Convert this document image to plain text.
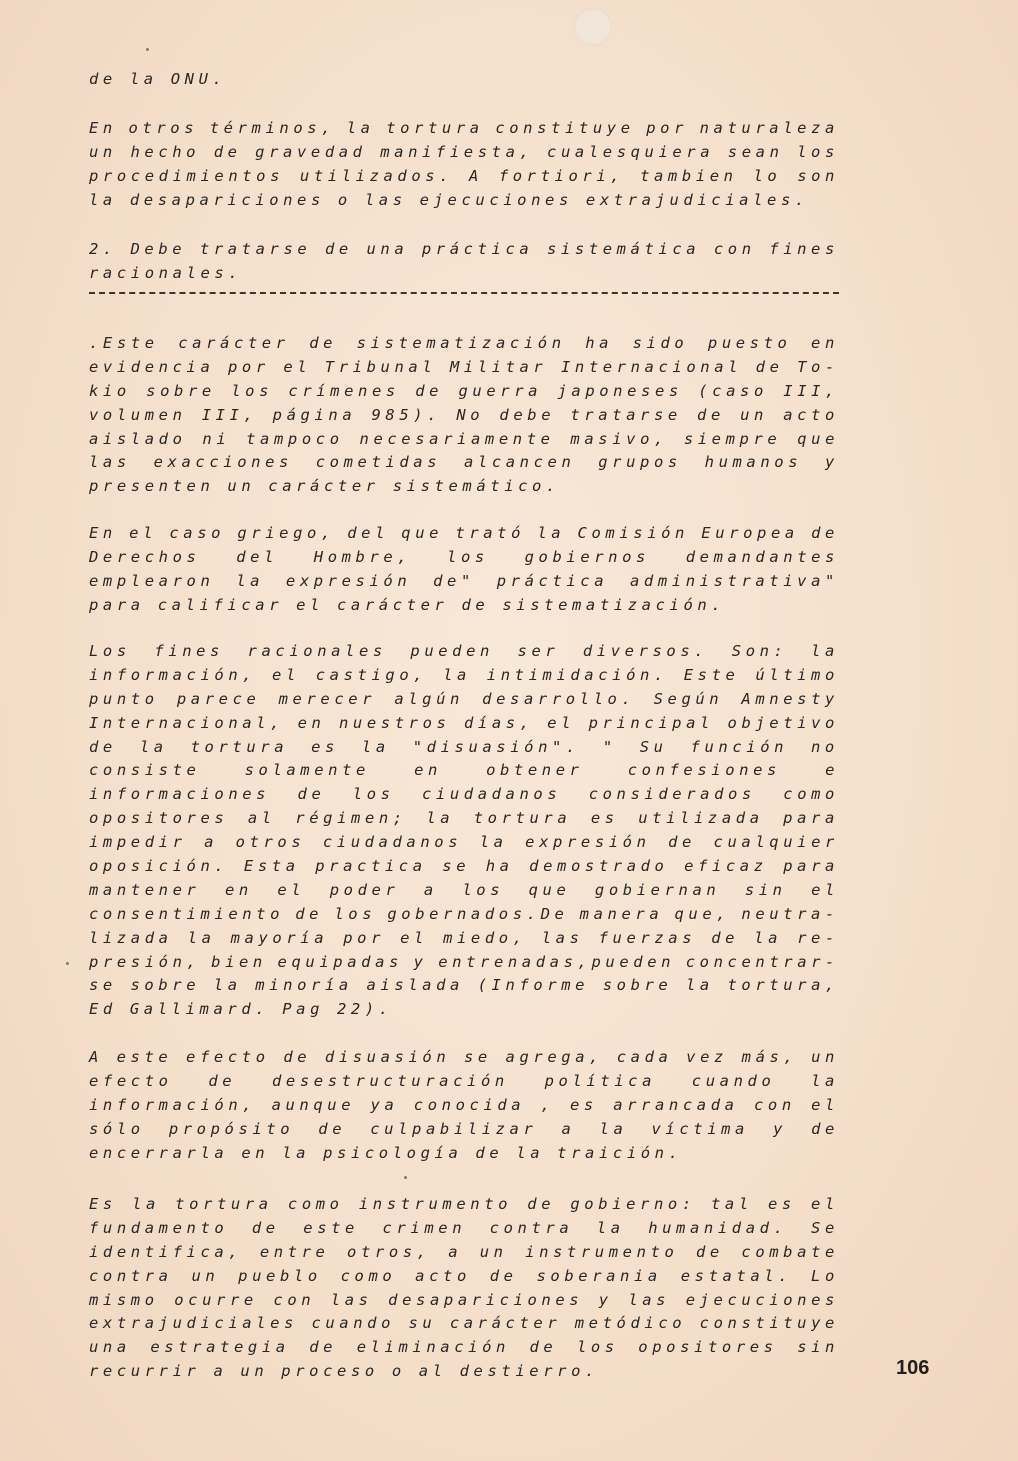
de la ONU.
En otros términos, la tortura constituye por naturaleza
un hecho de gravedad manifiesta, cualesquiera sean los
procedimientos utilizados. A fortiori, tambien lo son
la desapariciones o las ejecuciones extrajudiciales.
2. Debe tratarse de una práctica sistemática con fines
racionales.
.Este carácter de sistematización ha sido puesto en
evidencia por el Tribunal Militar Internacional de To-
kio sobre los crímenes de guerra japoneses (caso III,
volumen III, página 985). No debe tratarse de un acto
aislado ni tampoco necesariamente masivo, siempre que
las exacciones cometidas alcancen grupos humanos y
presenten un carácter sistemático.
En el caso griego, del que trató la Comisión Europea de
Derechos del Hombre, los gobiernos demandantes
emplearon la expresión de" práctica administrativa"
para calificar el carácter de sistematización.
Los fines racionales pueden ser diversos. Son: la
información, el castigo, la intimidación. Este último
punto parece merecer algún desarrollo. Según Amnesty
Internacional, en nuestros días, el principal objetivo
de la tortura es la "disuasión". " Su función no
consiste	solamente	en	obtener	confesiones	e
informaciones de los ciudadanos considerados como
opositores al régimen; la tortura es utilizada para
impedir a otros ciudadanos la expresión de cualquier
oposición. Esta practica se ha demostrado eficaz para
mantener en el poder a los que gobiernan sin el
consentimiento de los gobernados.De manera que, neutra-
lizada la mayoría por el miedo, las fuerzas de la re-
presión, bien equipadas y entrenadas,pueden concentrar-
se sobre la minoría aislada (Informe sobre la tortura,
Ed Gallimard. Pag 22).
A este efecto de disuasión se agrega, cada vez más, un
efecto de desestructuración política cuando la
información, aunque ya conocida , es arrancada con el
sólo propósito de culpabilizar a la víctima y de
encerrarla en la psicología de la traición.
Es la tortura como instrumento de gobierno: tal es el
fundamento de este crimen contra la humanidad. Se
identifica, entre otros, a un instrumento de combate
contra un pueblo como acto de soberania estatal. Lo
mismo ocurre con las desapariciones y las ejecuciones
extrajudiciales cuando su carácter metódico constituye
una estrategia de eliminación de los opositores sin
recurrir a un proceso o al destierro.	106
